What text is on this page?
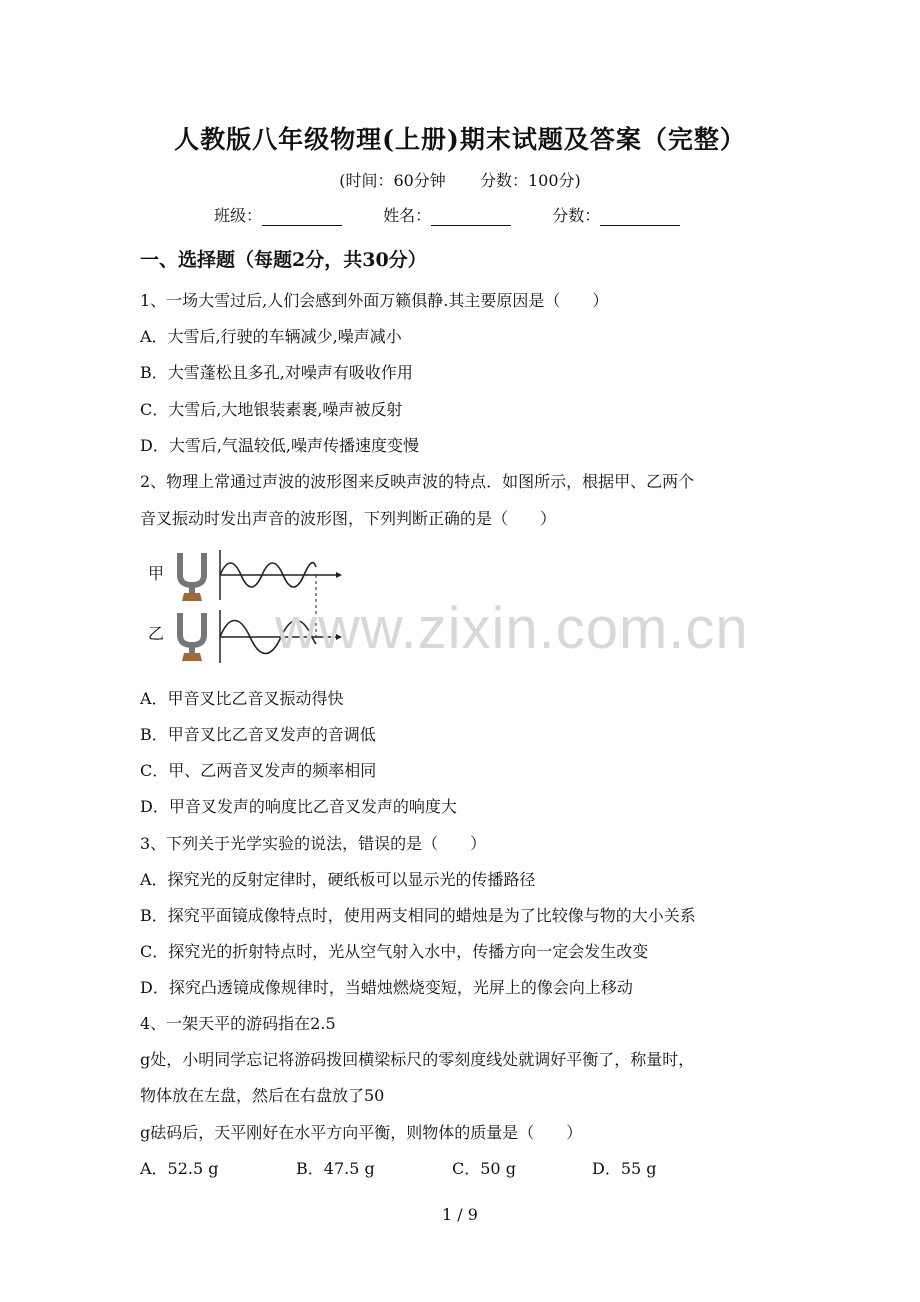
人教版八年级物理(上册)期末试题及答案（完整）
(时间：60分钟 分数：100分)
班级：	姓名：	分数：
一、选择题（每题2分，共30分）
1、一场大雪过后,人们会感到外面万籁俱静.其主要原因是（　　）
A．大雪后,行驶的车辆减少,噪声减小
B．大雪蓬松且多孔,对噪声有吸收作用
C．大雪后,大地银装素裹,噪声被反射
D．大雪后,气温较低,噪声传播速度变慢
2、物理上常通过声波的波形图来反映声波的特点．如图所示，根据甲、乙两个
音叉振动时发出声音的波形图，下列判断正确的是（　　）
甲
乙 www.zixin.com.cn
A．甲音叉比乙音叉振动得快
B．甲音叉比乙音叉发声的音调低
C．甲、乙两音叉发声的频率相同
D．甲音叉发声的响度比乙音叉发声的响度大
3、下列关于光学实验的说法，错误的是（　　）
A．探究光的反射定律时，硬纸板可以显示光的传播路径
B．探究平面镜成像特点时，使用两支相同的蜡烛是为了比较像与物的大小关系
C．探究光的折射特点时，光从空气射入水中，传播方向一定会发生改变
D．探究凸透镜成像规律时，当蜡烛燃烧变短，光屏上的像会向上移动
4、一架天平的游码指在2.5
g处，小明同学忘记将游码拨回横梁标尺的零刻度线处就调好平衡了，称量时，
物体放在左盘，然后在右盘放了50
g砝码后，天平刚好在水平方向平衡，则物体的质量是（　　）
A．52.5 g	B．47.5 g	C．50 g	D．55 g
1 / 9
